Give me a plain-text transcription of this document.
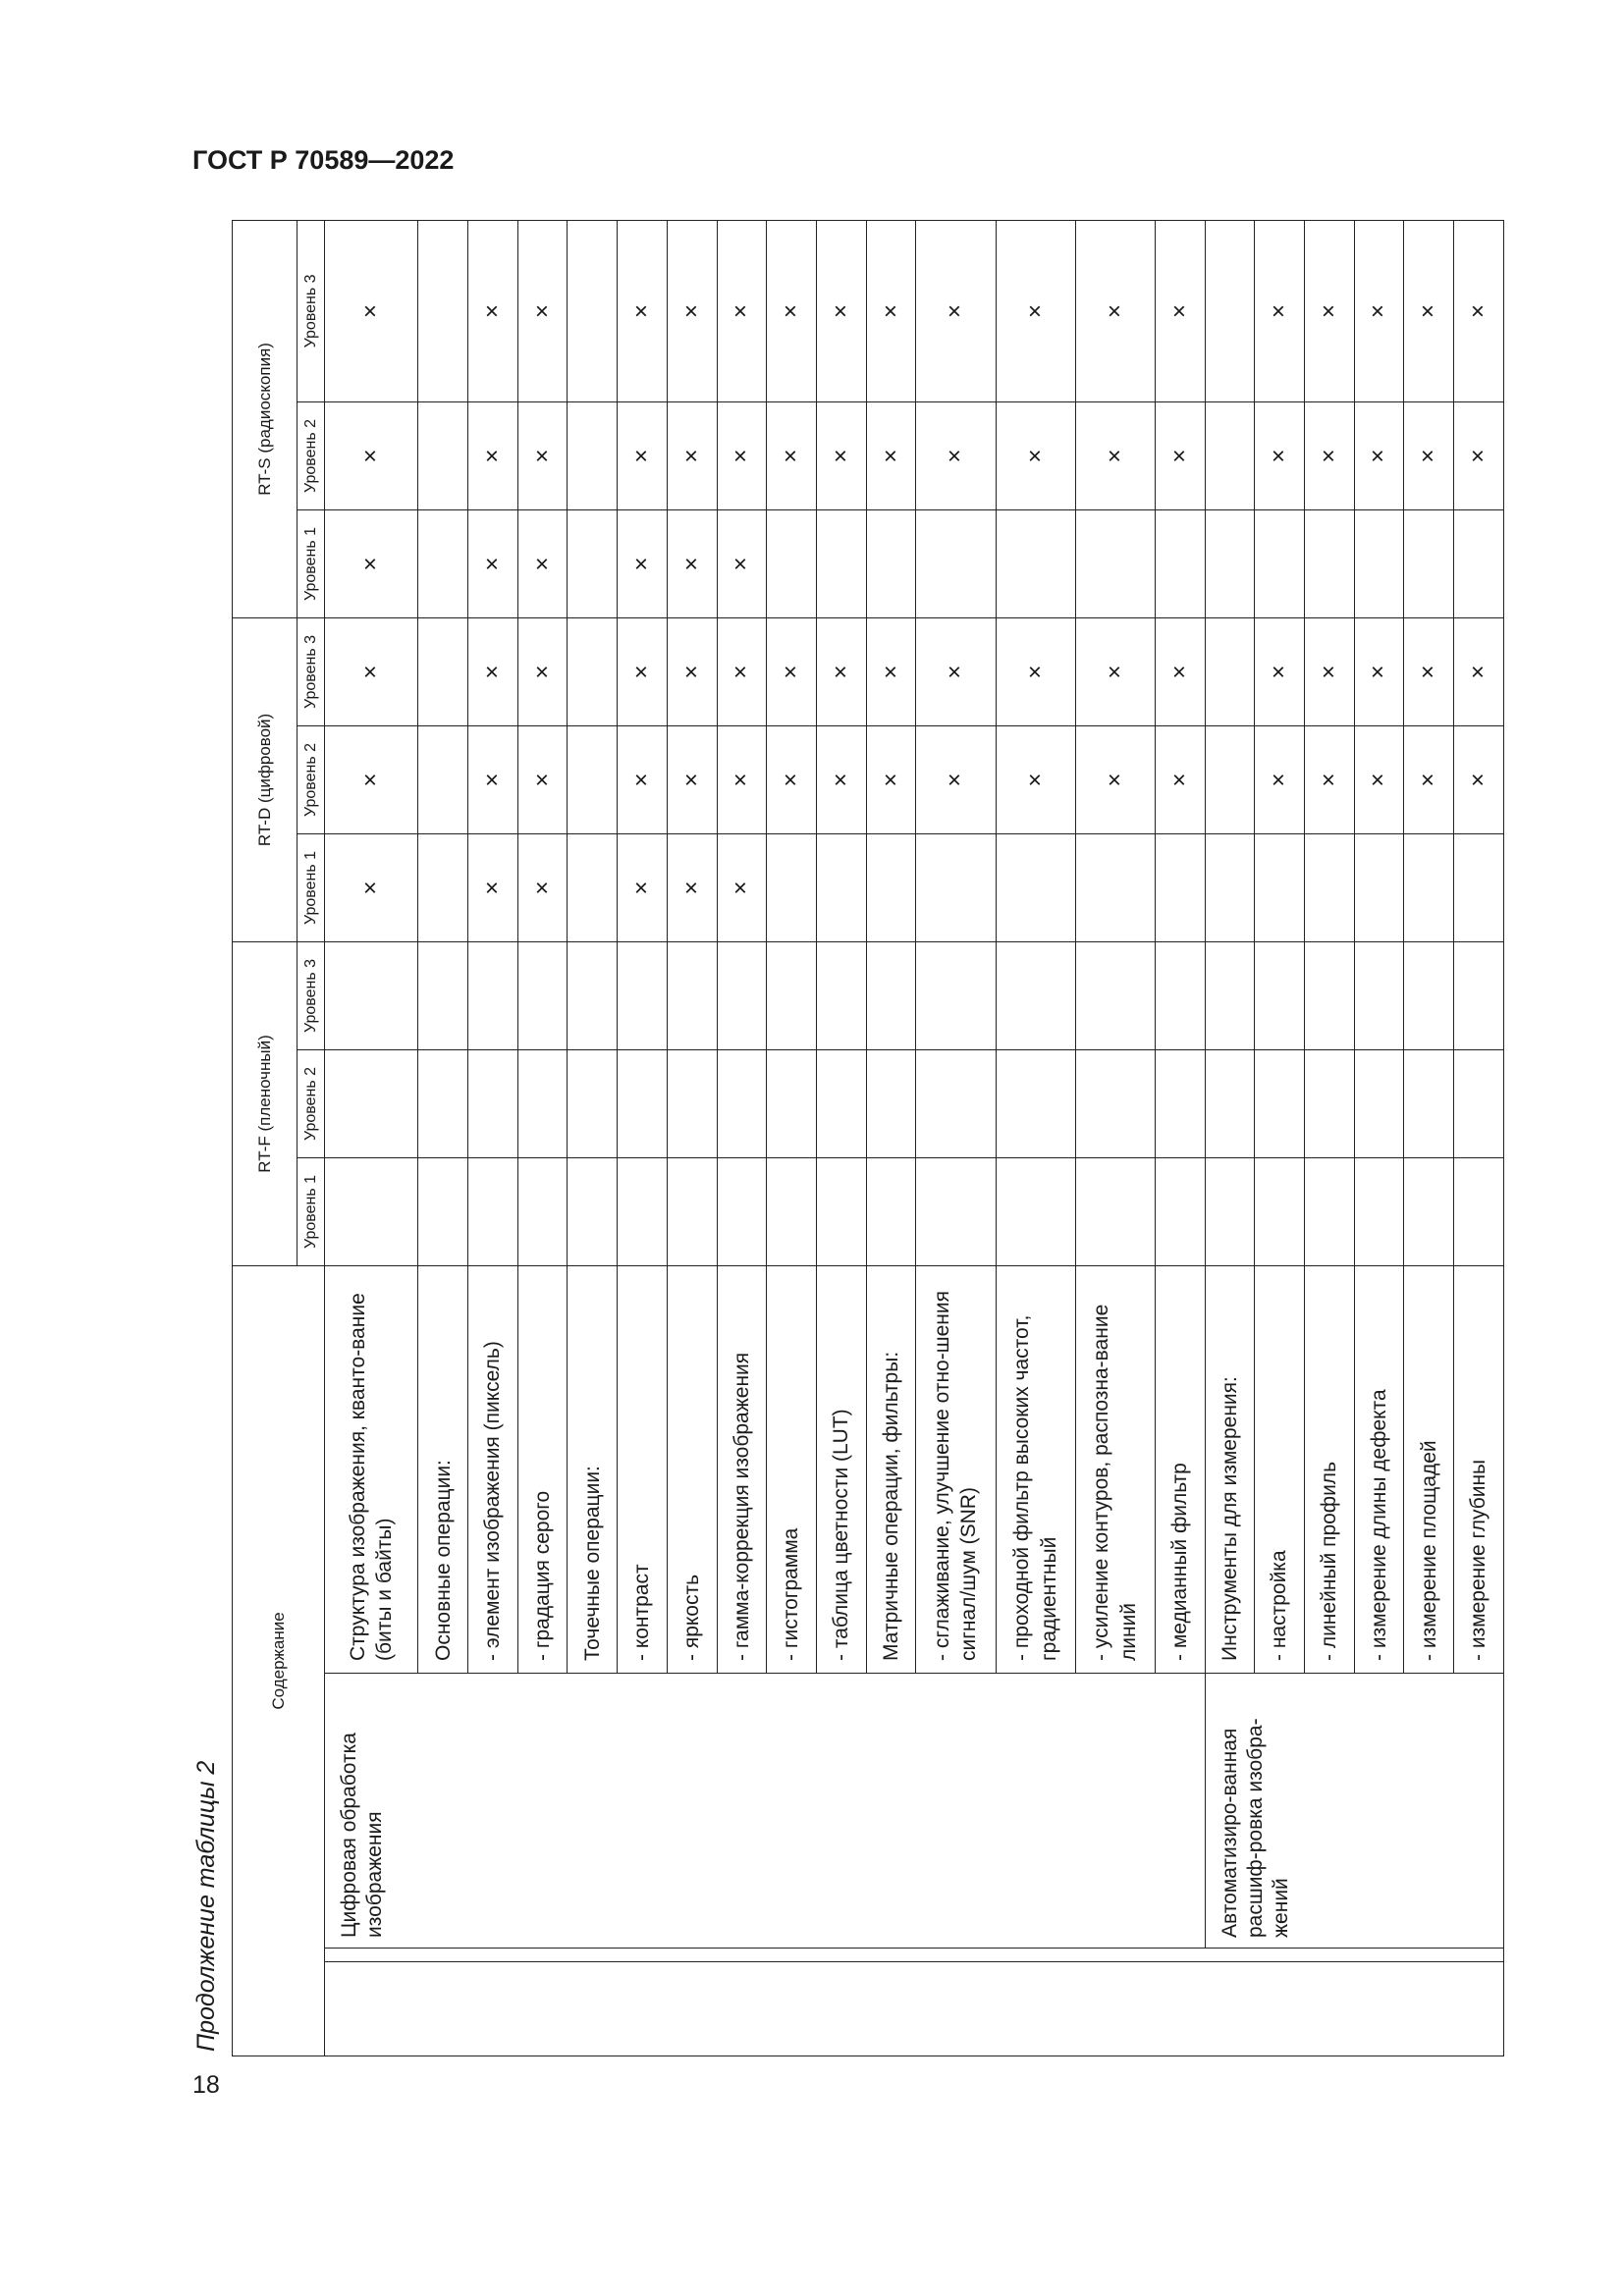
ГОСТ Р 70589—2022
18
Продолжение таблицы 2
Содержание				RT-F (пленочный)			RT-D (цифровой)			RT-S (радиоскопия)		
				Уровень 1	Уровень 2	Уровень 3	Уровень 1	Уровень 2	Уровень 3	Уровень 1	Уровень 2	Уровень 3
		Цифровая обработка изображения	Структура изображения, кванто-вание (биты и байты)				×	×	×	×	×	×
			Основные операции:									
			- элемент изображения (пиксель)				×	×	×	×	×	×
			- градация серого				×	×	×	×	×	×
			Точечные операции:									
			- контраст				×	×	×	×	×	×
			- яркость				×	×	×	×	×	×
			- гамма-коррекция изображения				×	×	×	×	×	×
			- гистограмма					×	×		×	×
			- таблица цветности (LUT)					×	×		×	×
			Матричные операции, фильтры:					×	×		×	×
			- сглаживание, улучшение отно-шения сигнал/шум (SNR)					×	×		×	×
			- проходной фильтр высоких частот, градиентный					×	×		×	×
			- усиление контуров, распозна-вание линий					×	×		×	×
			- медианный фильтр					×	×		×	×
		Автоматизиро-ванная расшиф-ровка изобра-жений	Инструменты для измерения:									
			- настройка					×	×		×	×
			- линейный профиль					×	×		×	×
			- измерение длины дефекта					×	×		×	×
			- измерение площадей					×	×		×	×
			- измерение глубины					×	×		×	×
